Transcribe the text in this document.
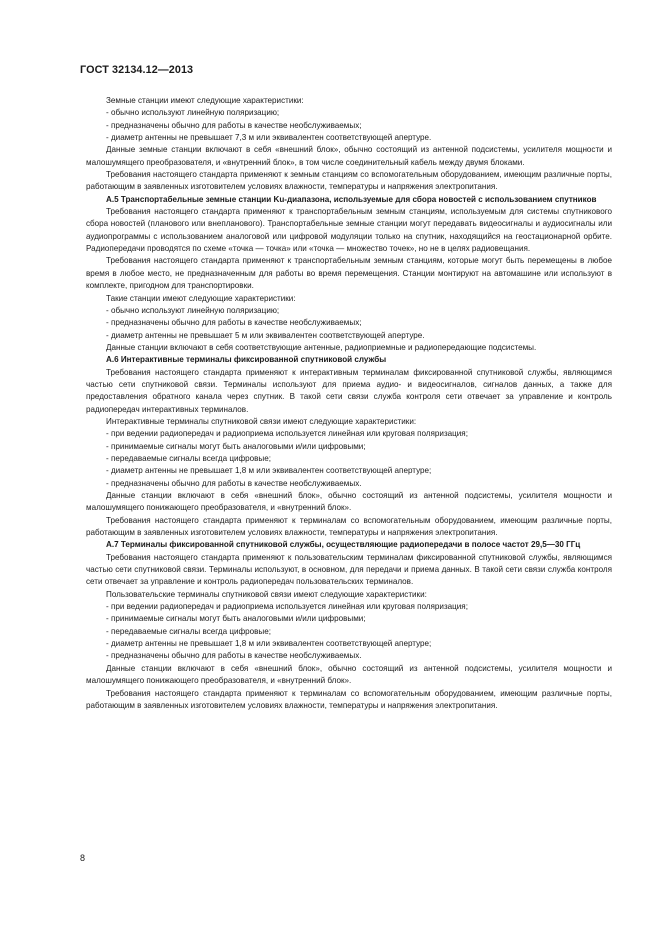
ГОСТ 32134.12—2013

Земные станции имеют следующие характеристики:

- обычно используют линейную поляризацию;

- предназначены обычно для работы в качестве необслуживаемых;

- диаметр антенны не превышает 7,3 м или эквивалентен соответствующей апертуре.

Данные земные станции включают в себя «внешний блок», обычно состоящий из антенной подсистемы, усилителя мощности и малошумящего преобразователя, и «внутренний блок», в том числе соединительный кабель между двумя блоками.

Требования настоящего стандарта применяют к земным станциям со вспомогательным оборудованием, имеющим различные порты, работающим в заявленных изготовителем условиях влажности, температуры и напряжения электропитания.

А.5 Транспортабельные земные станции Ku-диапазона, используемые для сбора новостей с использованием спутников

Требования настоящего стандарта применяют к транспортабельным земным станциям, используемым для системы спутникового сбора новостей (планового или внепланового). Транспортабельные земные станции могут передавать видеосигналы и аудиосигналы или аудиопрограммы с использованием аналоговой или цифровой модуляции только на спутник, находящийся на геостационарной орбите. Радиопередачи проводятся по схеме «точка — точка» или «точка — множество точек», но не в целях радиовещания.

Требования настоящего стандарта применяют к транспортабельным земным станциям, которые могут быть перемещены в любое время в любое место, не предназначенным для работы во время перемещения. Станции монтируют на автомашине или используют в комплекте, пригодном для транспортировки.

Такие станции имеют следующие характеристики:

- обычно используют линейную поляризацию;

- предназначены обычно для работы в качестве необслуживаемых;

- диаметр антенны не превышает 5 м или эквивалентен соответствующей апертуре.

Данные станции включают в себя соответствующие антенные, радиоприемные и радиопередающие подсистемы.

А.6 Интерактивные терминалы фиксированной спутниковой службы

Требования настоящего стандарта применяют к интерактивным терминалам фиксированной спутниковой службы, являющимся частью сети спутниковой связи. Терминалы используют для приема аудио- и видеосигналов, сигналов данных, а также для предоставления обратного канала через спутник. В такой сети связи служба контроля сети отвечает за управление и контроль радиопередач интерактивных терминалов.

Интерактивные терминалы спутниковой связи имеют следующие характеристики:

- при ведении радиопередач и радиоприема используется линейная или круговая поляризация;

- принимаемые сигналы могут быть аналоговыми и/или цифровыми;

- передаваемые сигналы всегда цифровые;

- диаметр антенны не превышает 1,8 м или эквивалентен соответствующей апертуре;

- предназначены обычно для работы в качестве необслуживаемых.

Данные станции включают в себя «внешний блок», обычно состоящий из антенной подсистемы, усилителя мощности и малошумящего понижающего преобразователя, и «внутренний блок».

Требования настоящего стандарта применяют к терминалам со вспомогательным оборудованием, имеющим различные порты, работающим в заявленных изготовителем условиях влажности, температуры и напряжения электропитания.

А.7 Терминалы фиксированной спутниковой службы, осуществляющие радиопередачи в полосе частот 29,5—30 ГГц

Требования настоящего стандарта применяют к пользовательским терминалам фиксированной спутниковой службы, являющимся частью сети спутниковой связи. Терминалы используют, в основном, для передачи и приема данных. В такой сети связи служба контроля сети отвечает за управление и контроль радиопередач пользовательских терминалов.

Пользовательские терминалы спутниковой связи имеют следующие характеристики:

- при ведении радиопередач и радиоприема используется линейная или круговая поляризация;

- принимаемые сигналы могут быть аналоговыми и/или цифровыми;

- передаваемые сигналы всегда цифровые;

- диаметр антенны не превышает 1,8 м или эквивалентен соответствующей апертуре;

- предназначены обычно для работы в качестве необслуживаемых.

Данные станции включают в себя «внешний блок», обычно состоящий из антенной подсистемы, усилителя мощности и малошумящего понижающего преобразователя, и «внутренний блок».

Требования настоящего стандарта применяют к терминалам со вспомогательным оборудованием, имеющим различные порты, работающим в заявленных изготовителем условиях влажности, температуры и напряжения электропитания.

8
